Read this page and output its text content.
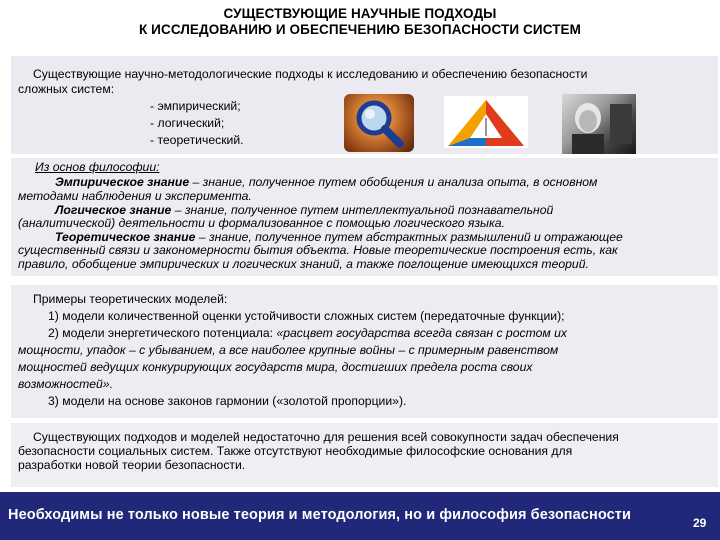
СУЩЕСТВУЮЩИЕ НАУЧНЫЕ ПОДХОДЫ
К ИССЛЕДОВАНИЮ И ОБЕСПЕЧЕНИЮ БЕЗОПАСНОСТИ СИСТЕМ
Существующие научно-методологические подходы к исследованию и обеспечению безопасности
сложных систем:
- эмпирический;
- логический;
- теоретический.
Из основ философии:
Эмпирическое знание – знание, полученное путем обобщения и анализа опыта, в основном
методами наблюдения и эксперимента.
Логическое знание – знание, полученное путем интеллектуальной познавательной
(аналитической) деятельности и формализованное с помощью логического языка.
Теоретическое знание – знание, полученное путем абстрактных размышлений и отражающее
существенный связи и закономерности бытия объекта. Новые теоретические построения есть, как
правило, обобщение эмпирических и логических знаний, а также поглощение имеющихся теорий.
Примеры теоретических моделей:
1) модели количественной оценки устойчивости сложных систем (передаточные функции);
2) модели энергетического потенциала: «расцвет государства всегда связан с ростом их
мощности, упадок – с убыванием, а все наиболее крупные войны – с примерным равенством
мощностей ведущих конкурирующих государств мира, достигших предела роста своих
возможностей».
3) модели на основе законов гармонии («золотой пропорции»).
Существующих подходов и моделей недостаточно для решения всей совокупности задач обеспечения
безопасности социальных систем. Также отсутствуют необходимые философские основания для
разработки новой теории безопасности.
Необходимы не только новые теория и методология, но и философия безопасности	29
